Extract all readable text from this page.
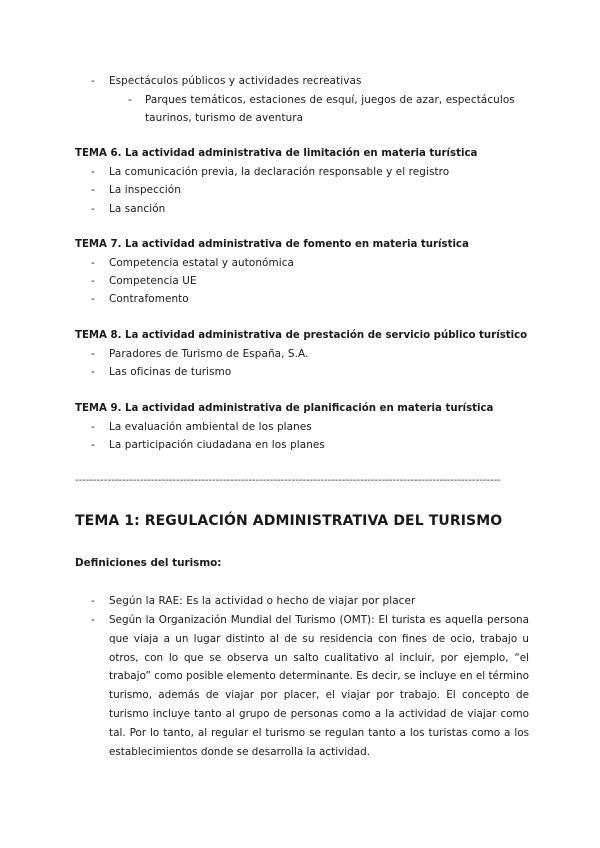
- Espectáculos públicos y actividades recreativas
- Parques temáticos, estaciones de esquí, juegos de azar, espectáculos
taurinos, turismo de aventura
TEMA 6. La actividad administrativa de limitación en materia turística
- La comunicación previa, la declaración responsable y el registro
- La inspección
- La sanción
TEMA 7. La actividad administrativa de fomento en materia turística
- Competencia estatal y autonómica
- Competencia UE
- Contrafomento
TEMA 8. La actividad administrativa de prestación de servicio público turístico
- Paradores de Turismo de España, S.A.
- Las oficinas de turismo
TEMA 9. La actividad administrativa de planificación en materia turística
- La evaluación ambiental de los planes
- La participación ciudadana en los planes
----------------------------------------------------------------------------------------------------------------------
TEMA 1: REGULACIÓN ADMINISTRATIVA DEL TURISMO
Definiciones del turismo:
- Según la RAE: Es la actividad o hecho de viajar por placer
- Según la Organización Mundial del Turismo (OMT): El turista es aquella persona que viaja a un lugar distinto al de su residencia con fines de ocio, trabajo u otros, con lo que se observa un salto cualitativo al incluir, por ejemplo, “el trabajo” como posible elemento determinante. Es decir, se incluye en el término turismo, además de viajar por placer, el viajar por trabajo. El concepto de turismo incluye tanto al grupo de personas como a la actividad de viajar como tal. Por lo tanto, al regular el turismo se regulan tanto a los turistas como a los establecimientos donde se desarrolla la actividad.
